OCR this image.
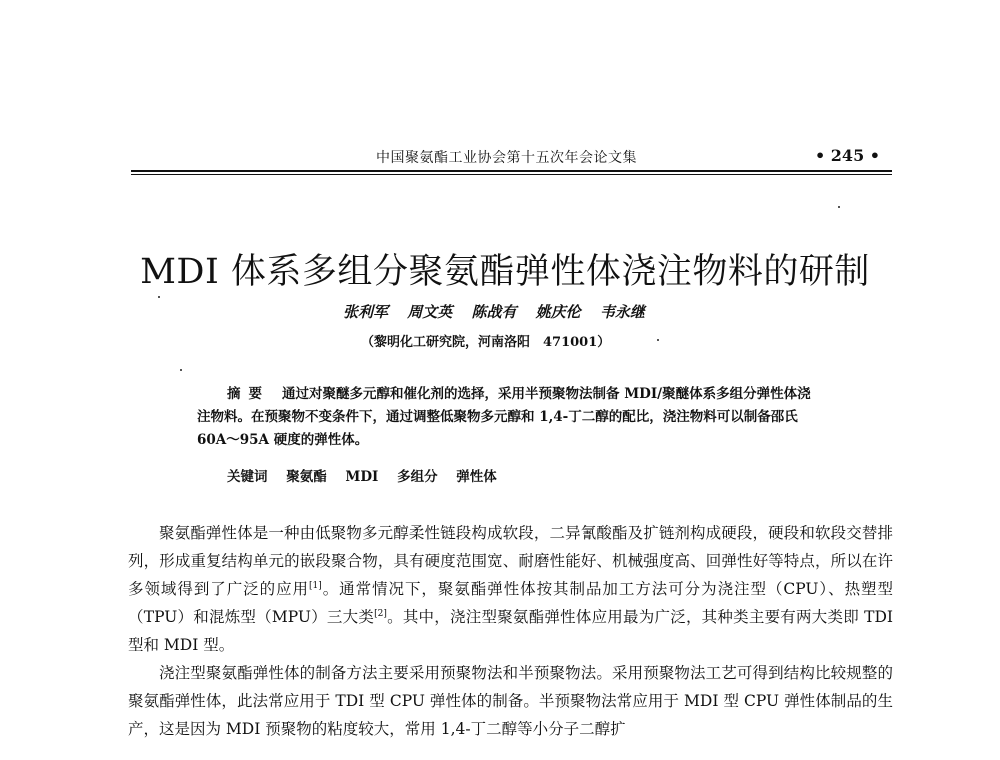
中国聚氨酯工业协会第十五次年会论文集	• 245 •
MDI 体系多组分聚氨酯弹性体浇注物料的研制
张利军 周文英 陈战有 姚庆伦 韦永继
（黎明化工研究院，河南洛阳　471001）
摘要 通过对聚醚多元醇和催化剂的选择，采用半预聚物法制备 MDI/聚醚体系多组分弹性体浇注物料。在预聚物不变条件下，通过调整低聚物多元醇和 1,4-丁二醇的配比，浇注物料可以制备邵氏 60A～95A 硬度的弹性体。
关键词 聚氨酯 MDI 多组分 弹性体

聚氨酯弹性体是一种由低聚物多元醇柔性链段构成软段，二异氰酸酯及扩链剂构成硬段，硬段和软段交替排列，形成重复结构单元的嵌段聚合物，具有硬度范围宽、耐磨性能好、机械强度高、回弹性好等特点，所以在许多领域得到了广泛的应用[1]。通常情况下，聚氨酯弹性体按其制品加工方法可分为浇注型（CPU）、热塑型（TPU）和混炼型（MPU）三大类[2]。其中，浇注型聚氨酯弹性体应用最为广泛，其种类主要有两大类即 TDI 型和 MDI 型。

浇注型聚氨酯弹性体的制备方法主要采用预聚物法和半预聚物法。采用预聚物法工艺可得到结构比较规整的聚氨酯弹性体，此法常应用于 TDI 型 CPU 弹性体的制备。半预聚物法常应用于 MDI 型 CPU 弹性体制品的生产，这是因为 MDI 预聚物的粘度较大，常用 1,4-丁二醇等小分子二醇扩
